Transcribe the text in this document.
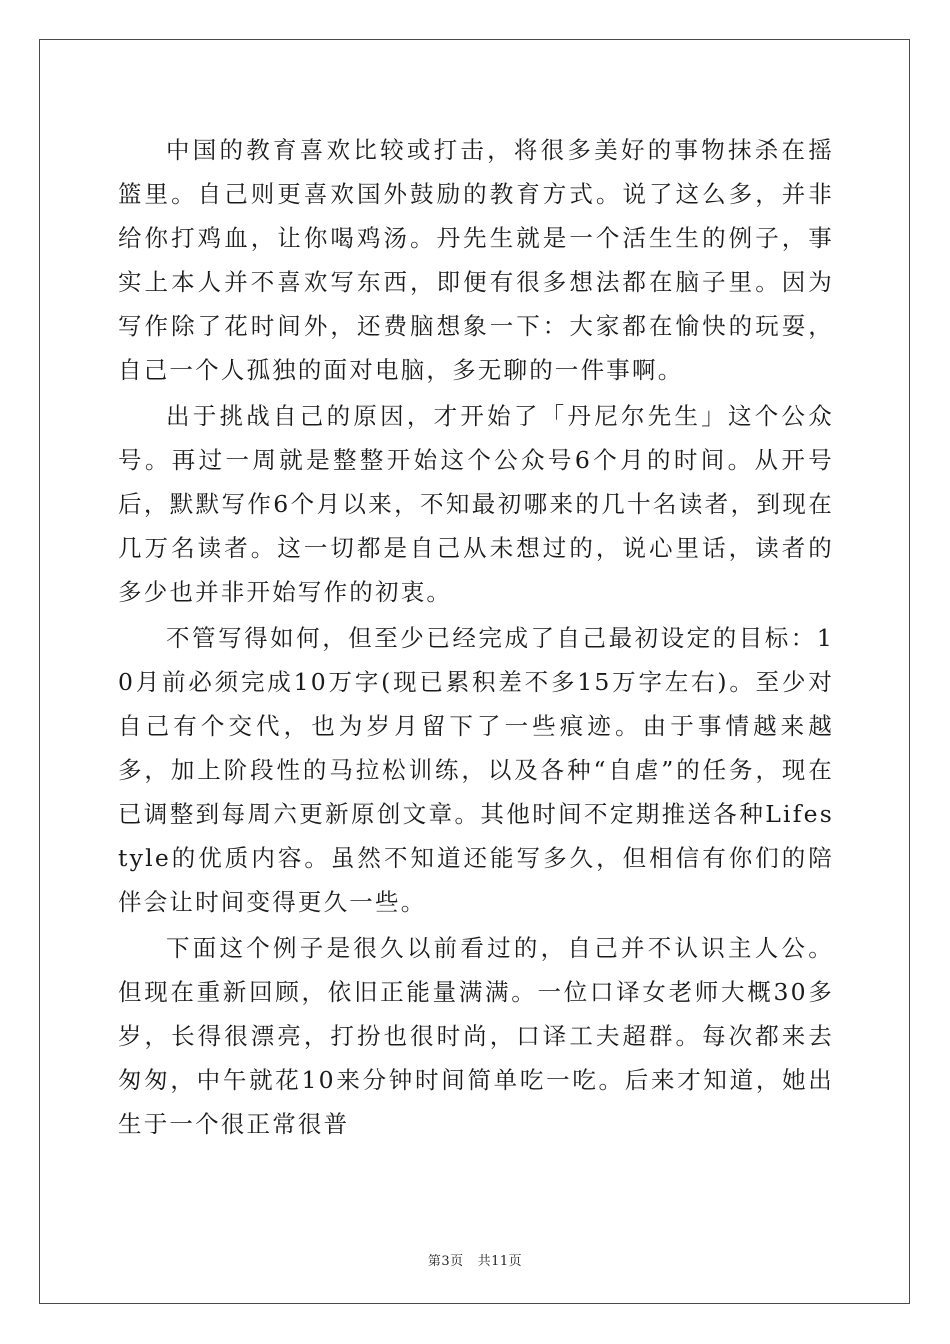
中国的教育喜欢比较或打击，将很多美好的事物抹杀在摇篮里。自己则更喜欢国外鼓励的教育方式。说了这么多，并非给你打鸡血，让你喝鸡汤。丹先生就是一个活生生的例子，事实上本人并不喜欢写东西，即便有很多想法都在脑子里。因为写作除了花时间外，还费脑想象一下：大家都在愉快的玩耍，自己一个人孤独的面对电脑，多无聊的一件事啊。

出于挑战自己的原因，才开始了「丹尼尔先生」这个公众号。再过一周就是整整开始这个公众号6个月的时间。从开号后，默默写作6个月以来，不知最初哪来的几十名读者，到现在几万名读者。这一切都是自己从未想过的，说心里话，读者的多少也并非开始写作的初衷。

不管写得如何，但至少已经完成了自己最初设定的目标：10月前必须完成10万字(现已累积差不多15万字左右)。至少对自己有个交代，也为岁月留下了一些痕迹。由于事情越来越多，加上阶段性的马拉松训练，以及各种“自虐”的任务，现在已调整到每周六更新原创文章。其他时间不定期推送各种Lifestyle的优质内容。虽然不知道还能写多久，但相信有你们的陪伴会让时间变得更久一些。

下面这个例子是很久以前看过的，自己并不认识主人公。但现在重新回顾，依旧正能量满满。一位口译女老师大概30多岁，长得很漂亮，打扮也很时尚，口译工夫超群。每次都来去匆匆，中午就花10来分钟时间简单吃一吃。后来才知道，她出生于一个很正常很普

第3页 共11页
